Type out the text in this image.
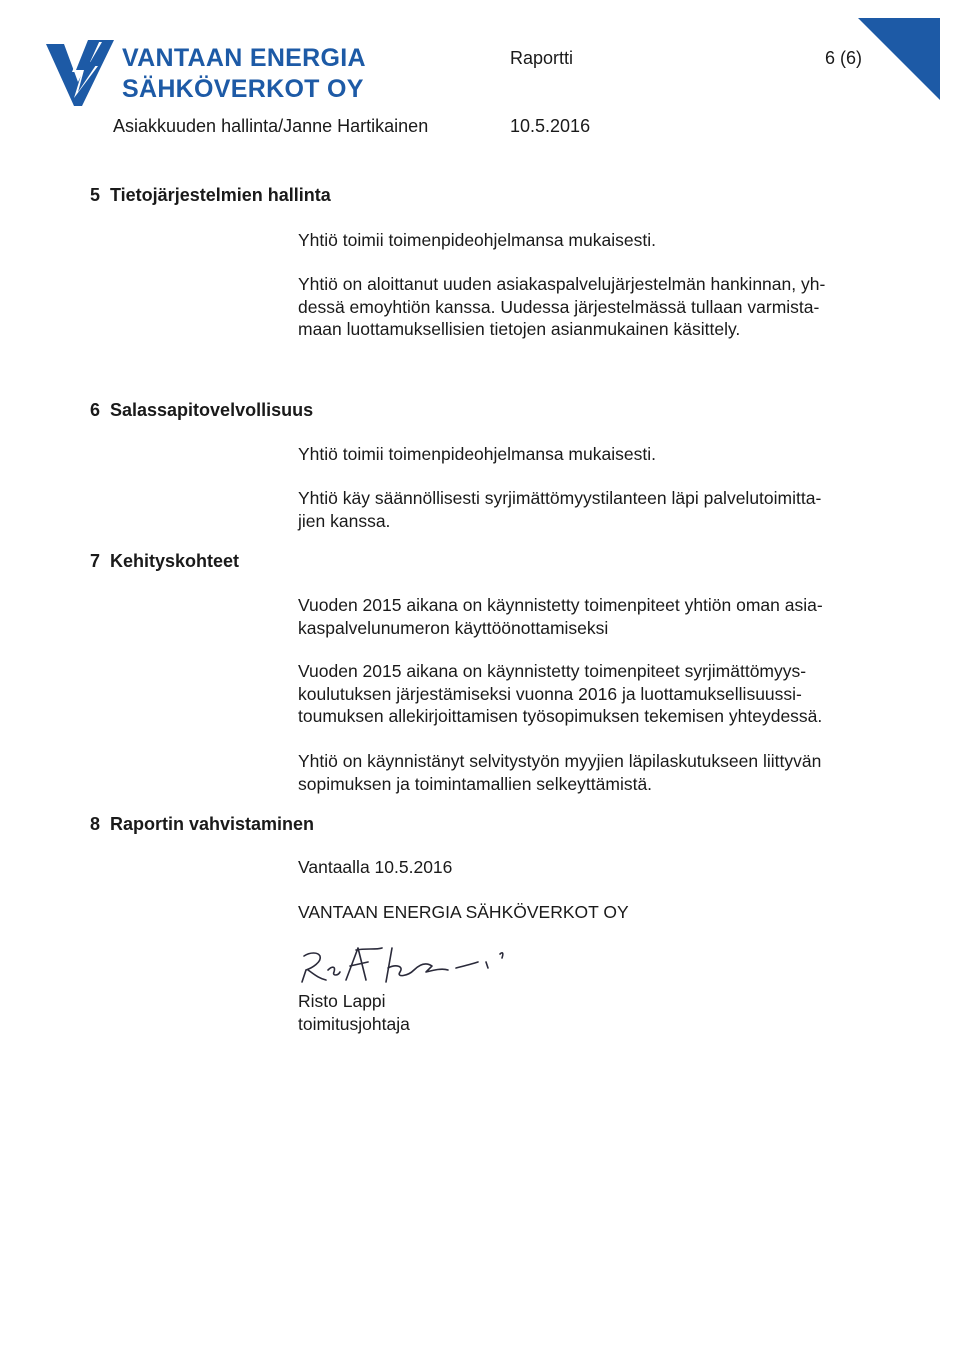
VANTAAN ENERGIA
SÄHKÖVERKOT OY
Raportti	6 (6)
Asiakkuuden hallinta/Janne Hartikainen	10.5.2016
5 Tietojärjestelmien hallinta
Yhtiö toimii toimenpideohjelmansa mukaisesti.
Yhtiö on aloittanut uuden asiakaspalvelujärjestelmän hankinnan, yh-
dessä emoyhtiön kanssa. Uudessa järjestelmässä tullaan varmista-
maan luottamuksellisien tietojen asianmukainen käsittely.
6 Salassapitovelvollisuus
Yhtiö toimii toimenpideohjelmansa mukaisesti.
Yhtiö käy säännöllisesti syrjimättömyystilanteen läpi palvelutoimitta-
jien kanssa.
7 Kehityskohteet
Vuoden 2015 aikana on käynnistetty toimenpiteet yhtiön oman asia-
kaspalvelunumeron käyttöönottamiseksi
Vuoden 2015 aikana on käynnistetty toimenpiteet syrjimättömyys-
koulutuksen järjestämiseksi vuonna 2016 ja luottamuksellisuussi-
toumuksen allekirjoittamisen työsopimuksen tekemisen yhteydessä.
Yhtiö on käynnistänyt selvitystyön myyjien läpilaskutukseen liittyvän
sopimuksen ja toimintamallien selkeyttämistä.
8 Raportin vahvistaminen
Vantaalla 10.5.2016
VANTAAN ENERGIA SÄHKÖVERKOT OY
Risto Lappi
toimitusjohtaja
